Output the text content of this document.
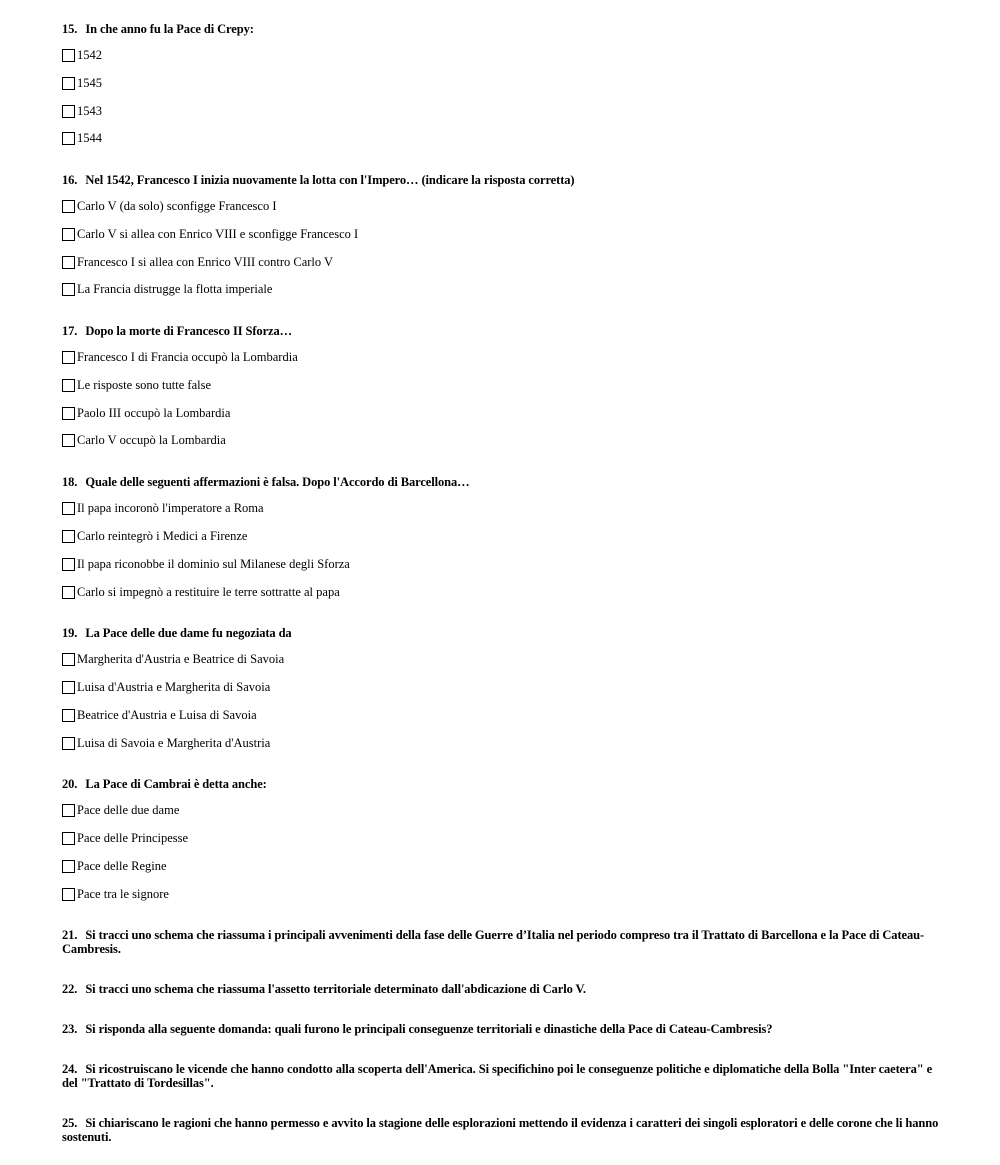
15. In che anno fu la Pace di Crepy:

1542
1545
1543
1544

16. Nel 1542, Francesco I inizia nuovamente la lotta con l'Impero… (indicare la risposta corretta)

Carlo V (da solo) sconfigge Francesco I
Carlo V si allea con Enrico VIII e sconfigge Francesco I
Francesco I si allea con Enrico VIII contro Carlo V
La Francia distrugge la flotta imperiale

17. Dopo la morte di Francesco II Sforza…

Francesco I di Francia occupò la Lombardia
Le risposte sono tutte false
Paolo III occupò la Lombardia
Carlo V occupò la Lombardia

18. Quale delle seguenti affermazioni è falsa. Dopo l'Accordo di Barcellona…

Il papa incoronò l'imperatore a Roma
Carlo reintegrò i Medici a Firenze
Il papa riconobbe il dominio sul Milanese degli Sforza
Carlo si impegnò a restituire le terre sottratte al papa

19. La Pace delle due dame fu negoziata da

Margherita d'Austria e Beatrice di Savoia
Luisa d'Austria e Margherita di Savoia
Beatrice d'Austria e Luisa di Savoia
Luisa di Savoia e Margherita d'Austria

20. La Pace di Cambrai è detta anche:

Pace delle due dame
Pace delle Principesse
Pace delle Regine
Pace tra le signore
21. Si tracci uno schema che riassuma i principali avvenimenti della fase delle Guerre d’Italia nel periodo compreso tra il Trattato di Barcellona e la Pace di Cateau-Cambresis.
22. Si tracci uno schema che riassuma l'assetto territoriale determinato dall'abdicazione di Carlo V.
23. Si risponda alla seguente domanda: quali furono le principali conseguenze territoriali e dinastiche della Pace di Cateau-Cambresis?
24. Si ricostruiscano le vicende che hanno condotto alla scoperta dell'America. Si specifichino poi le conseguenze politiche e diplomatiche della Bolla "Inter caetera" e del "Trattato di Tordesillas".
25. Si chiariscano le ragioni che hanno permesso e avvito la stagione delle esplorazioni mettendo il evidenza i caratteri dei singoli esploratori e delle corone che li hanno sostenuti.
